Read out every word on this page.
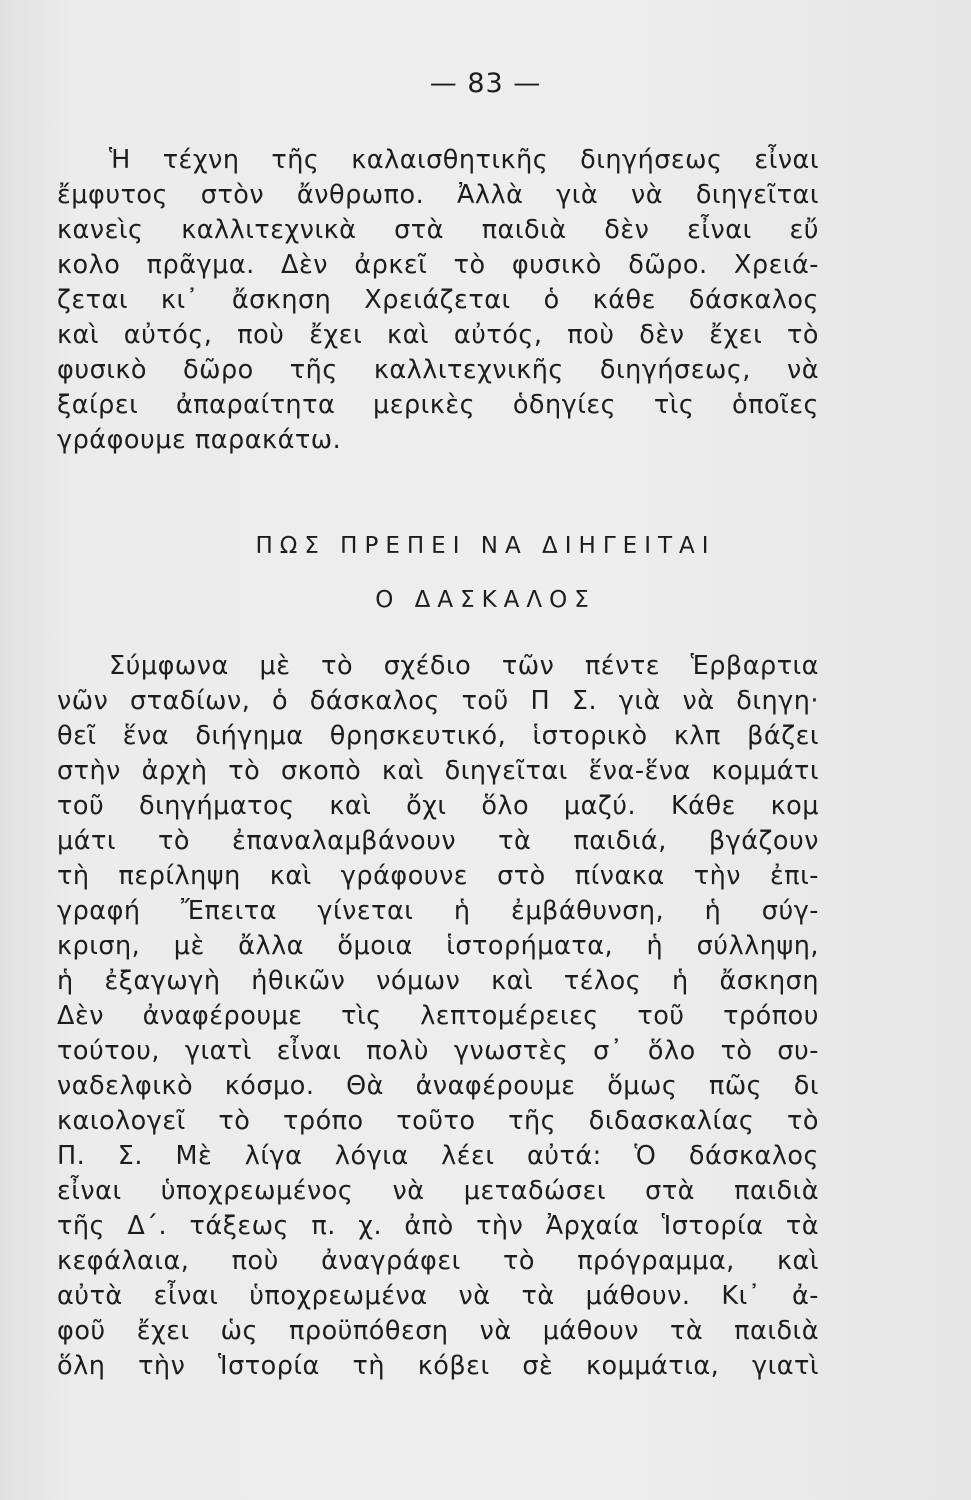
— 83 —
Ἡ τέχνη τῆς καλαισθητικῆς διηγήσεως εἶναι
ἔμφυτος στὸν ἄνθρωπο. Ἀλλὰ γιὰ νὰ διηγεῖται
κανεὶς καλλιτεχνικὰ στὰ παιδιὰ δὲν εἶναι εὔ
κολο πρᾶγμα. Δὲν ἀρκεῖ τὸ φυσικὸ δῶρο. Χρειά-
ζεται κι᾽ ἄσκηση Χρειάζεται ὁ κάθε δάσκαλος
καὶ αὐτός, ποὺ ἔχει καὶ αὐτός, ποὺ δὲν ἔχει τὸ
φυσικὸ δῶρο τῆς καλλιτεχνικῆς διηγήσεως, νὰ
ξαίρει ἀπαραίτητα μερικὲς ὁδηγίες τὶς ὁποῖες
γράφουμε παρακάτω.
ΠΩΣ ΠΡΕΠΕΙ ΝΑ ΔΙΗΓΕΙΤΑΙ
Ο ΔΑΣΚΑΛΟΣ
Σύμφωνα μὲ τὸ σχέδιο τῶν πέντε Ἑρβαρτια
νῶν σταδίων, ὁ δάσκαλος τοῦ Π Σ. γιὰ νὰ διηγη·
θεῖ ἕνα διήγημα θρησκευτικό, ἱστορικὸ κλπ βάζει
στὴν ἀρχὴ τὸ σκοπὸ καὶ διηγεῖται ἕνα-ἕνα κομμάτι
τοῦ διηγήματος καὶ ὄχι ὅλο μαζύ. Κάθε κομ
μάτι τὸ ἐπαναλαμβάνουν τὰ παιδιά, βγάζουν
τὴ περίληψη καὶ γράφουνε στὸ πίνακα τὴν ἐπι-
γραφή Ἔπειτα γίνεται ἡ ἐμβάθυνση, ἡ σύγ-
κριση, μὲ ἄλλα ὅμοια ἱστορήματα, ἡ σύλληψη,
ἡ ἐξαγωγὴ ἠθικῶν νόμων καὶ τέλος ἡ ἄσκηση
Δὲν ἀναφέρουμε τὶς λεπτομέρειες τοῦ τρόπου
τούτου, γιατὶ εἶναι πολὺ γνωστὲς σ᾽ ὅλο τὸ συ-
ναδελφικὸ κόσμο. Θὰ ἀναφέρουμε ὅμως πῶς δι
καιολογεῖ τὸ τρόπο τοῦτο τῆς διδασκαλίας τὸ
Π. Σ. Μὲ λίγα λόγια λέει αὐτά: Ὁ δάσκαλος
εἶναι ὑποχρεωμένος νὰ μεταδώσει στὰ παιδιὰ
τῆς Δ΄. τάξεως π. χ. ἀπὸ τὴν Ἀρχαία Ἱστορία τὰ
κεφάλαια, ποὺ ἀναγράφει τὸ πρόγραμμα, καὶ
αὐτὰ εἶναι ὑποχρεωμένα νὰ τὰ μάθουν. Κι᾽ ἀ-
φοῦ ἔχει ὡς προϋπόθεση νὰ μάθουν τὰ παιδιὰ
ὅλη τὴν Ἱστορία τὴ κόβει σὲ κομμάτια, γιατὶ
